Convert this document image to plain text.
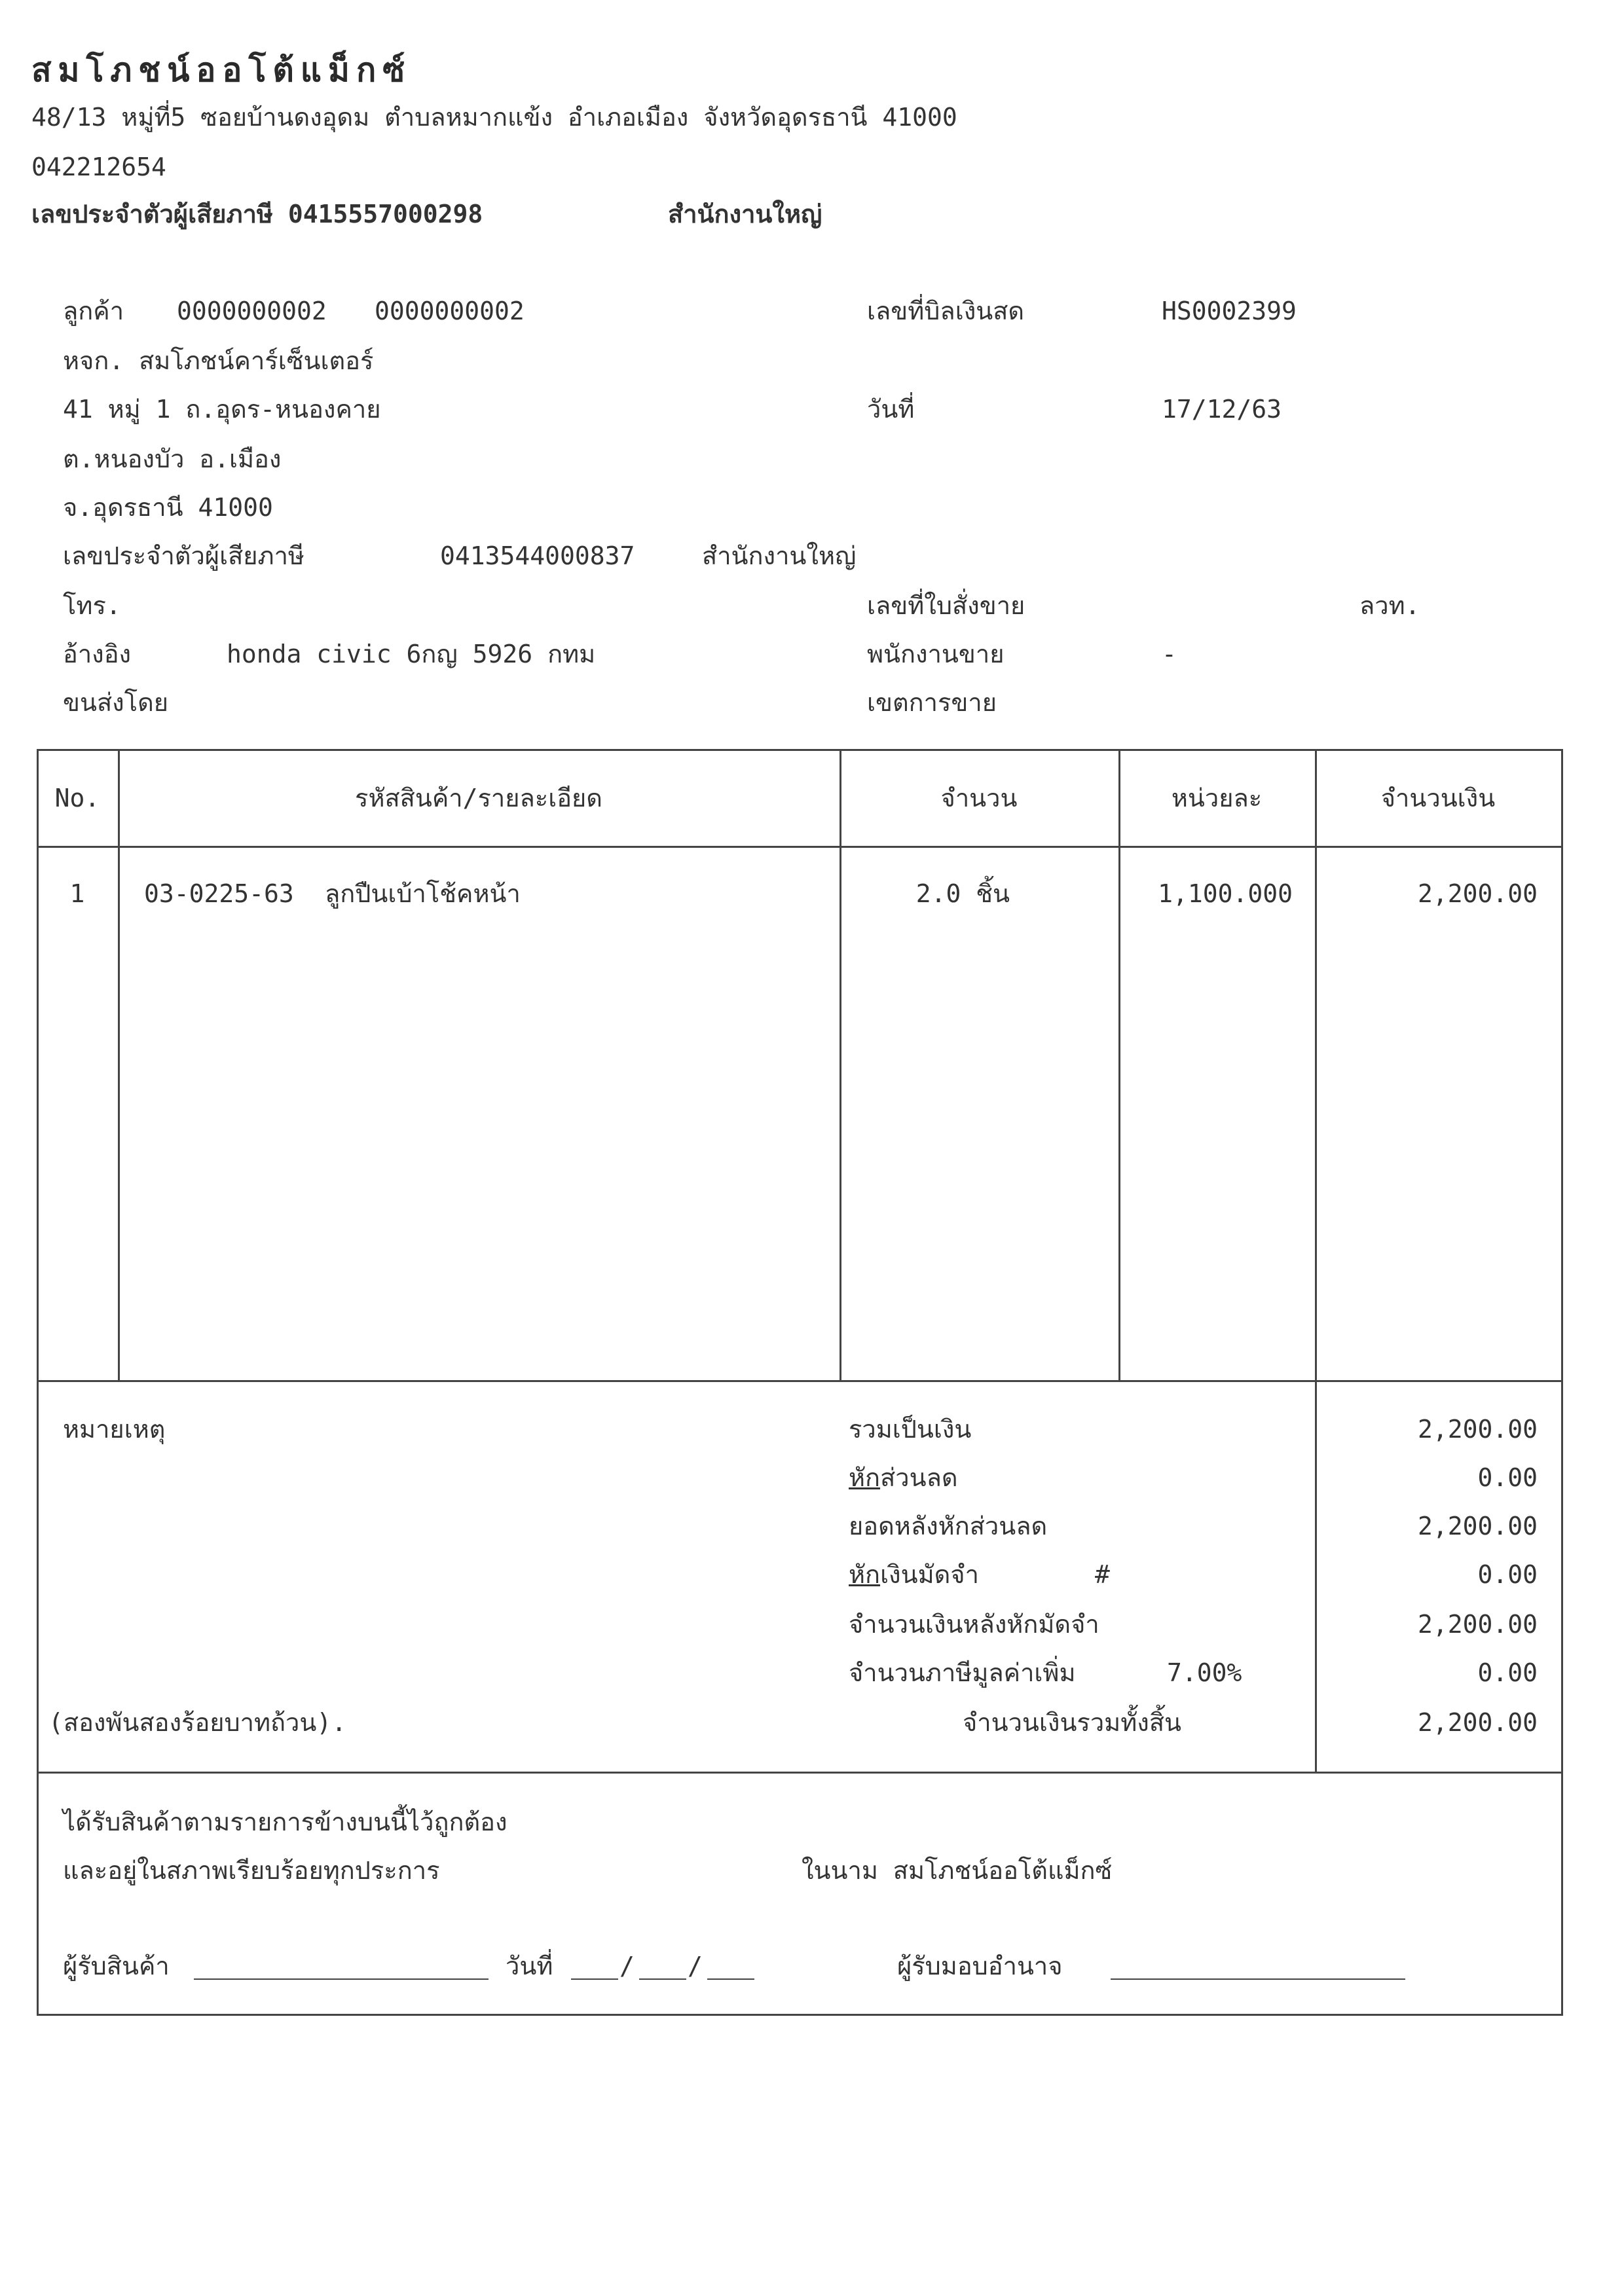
สมโภชน์ออโต้แม็กซ์
48/13 หมู่ที่5 ซอยบ้านดงอุดม ตำบลหมากแข้ง อำเภอเมือง จังหวัดอุดรธานี 41000
042212654
เลขประจำตัวผู้เสียภาษี 0415557000298	สำนักงานใหญ่
ลูกค้า 0000000002 0000000002
หจก. สมโภชน์คาร์เซ็นเตอร์
41 หมู่ 1 ถ.อุดร-หนองคาย
ต.หนองบัว อ.เมือง
จ.อุดรธานี 41000
เลขประจำตัวผู้เสียภาษี	0413544000837	สำนักงานใหญ่
โทร.
อ้างอิง	honda civic 6กญ 5926 กทม
ขนส่งโดย
เลขที่บิลเงินสด	HS0002399
วันที่	17/12/63
เลขที่ใบสั่งขาย	ลวท.
พนักงานขาย	-
เขตการขาย
No.	รหัสสินค้า/รายละเอียด	จำนวน	หน่วยละ	จำนวนเงิน
1	03-0225-63 ลูกปืนเบ้าโช้คหน้า	2.0 ชิ้น	1,100.000	2,200.00
หมายเหตุ
(สองพันสองร้อยบาทถ้วน).
รวมเป็นเงิน	2,200.00
หักส่วนลด	0.00
ยอดหลังหักส่วนลด	2,200.00
หักเงินมัดจำ	#	0.00
จำนวนเงินหลังหักมัดจำ	2,200.00
จำนวนภาษีมูลค่าเพิ่ม	7.00%	0.00
จำนวนเงินรวมทั้งสิ้น	2,200.00
ได้รับสินค้าตามรายการข้างบนนี้ไว้ถูกต้อง
และอยู่ในสภาพเรียบร้อยทุกประการ	ในนาม สมโภชน์ออโต้แม็กซ์
ผู้รับสินค้า	วันที่	/ /	ผู้รับมอบอำนาจ
